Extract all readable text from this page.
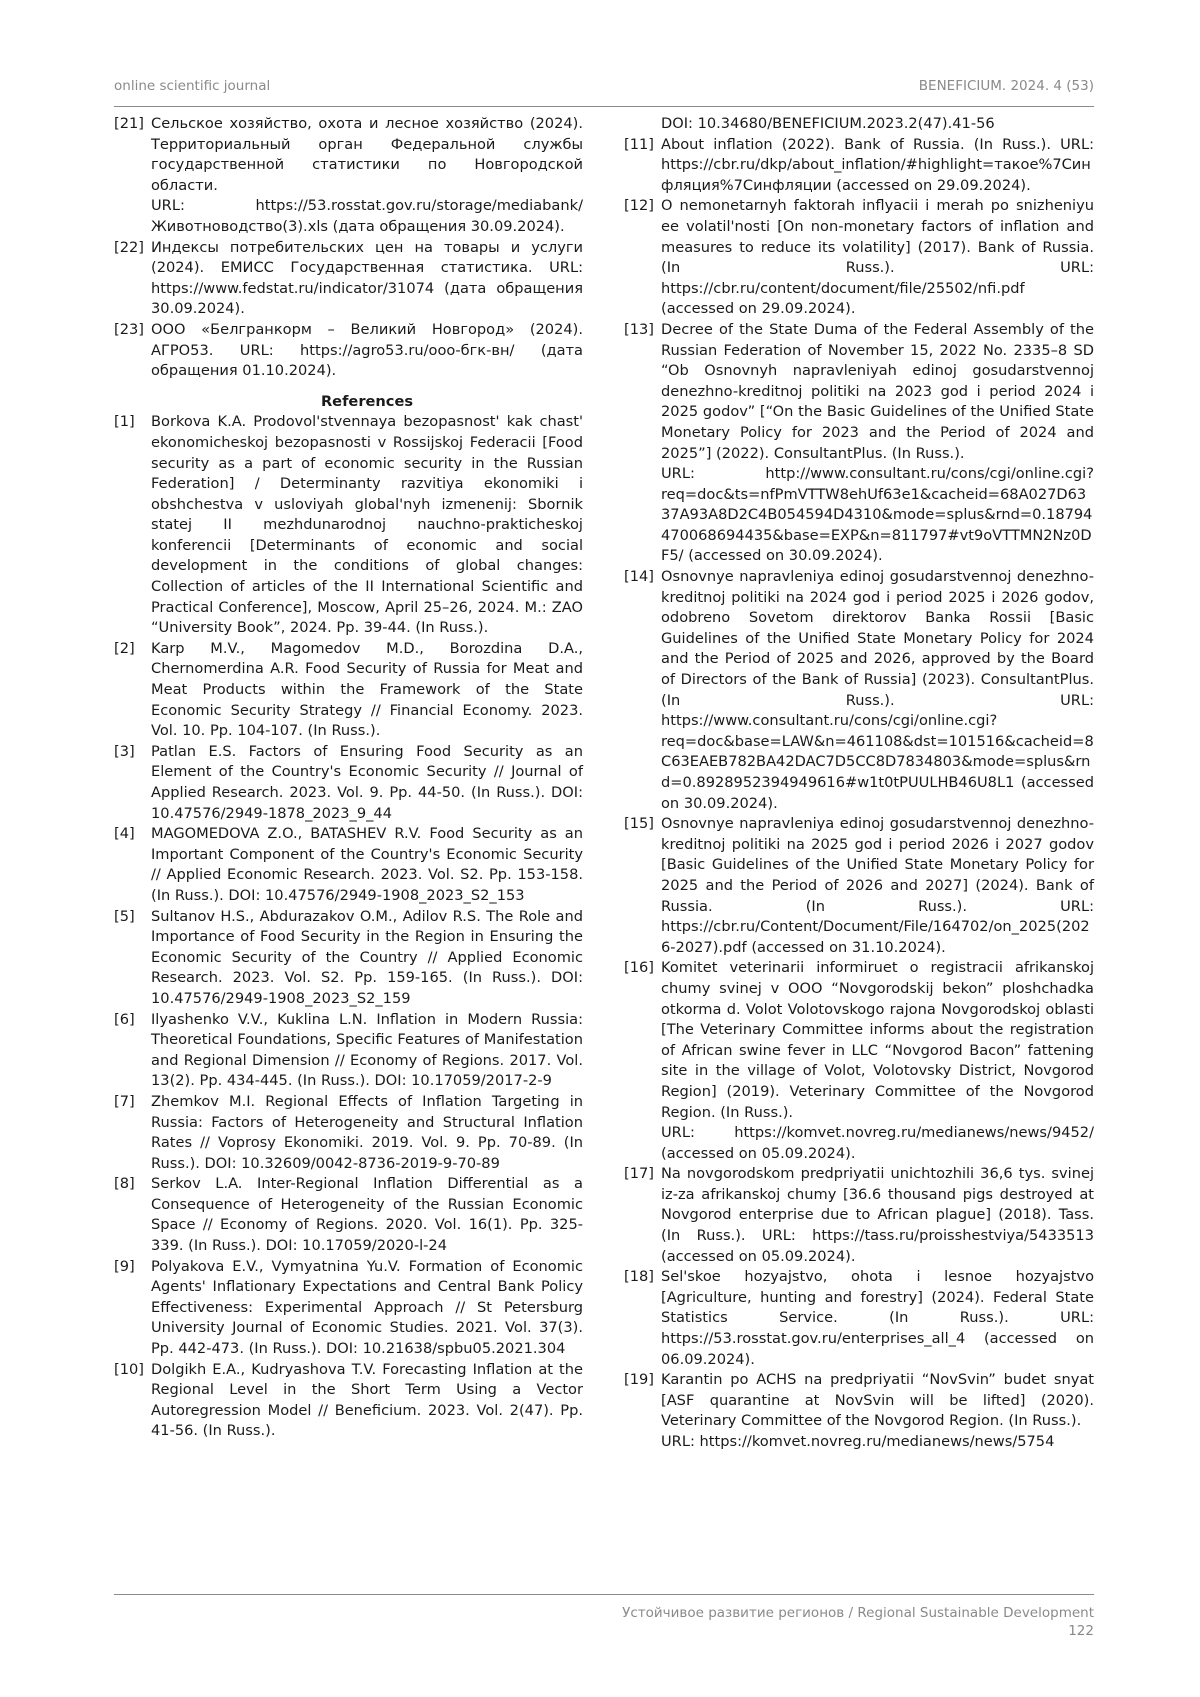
online scientific journal	BENEFICIUM. 2024. 4 (53)
[21] Сельское хозяйство, охота и лесное хозяйство (2024). Территориальный орган Федеральной службы государственной статистики по Новгородской области.
URL: https://53.rosstat.gov.ru/storage/mediabank/Животноводство(3).xls (дата обращения 30.09.2024).
[22] Индексы потребительских цен на товары и услуги (2024). ЕМИСС Государственная статистика. URL: https://www.fedstat.ru/indicator/31074 (дата обращения 30.09.2024).
[23] ООО «Белгранкорм – Великий Новгород» (2024). АГРО53. URL: https://agro53.ru/ооо-бгк-вн/ (дата обращения 01.10.2024).
References
[1]	Borkova K.A. Prodovol'stvennaya bezopasnost' kak chast' ekonomicheskoj bezopasnosti v Rossijskoj Federacii [Food security as a part of economic security in the Russian Federation] / Determinanty razvitiya ekonomiki i obshchestva v usloviyah global'nyh izmenenij: Sbornik statej II mezhdunarodnoj nauchno-prakticheskoj konferencii [Determinants of economic and social development in the conditions of global changes: Collection of articles of the II International Scientific and Practical Conference], Moscow, April 25–26, 2024. M.: ZAO “University Book”, 2024. Pp. 39-44. (In Russ.).
[2]	Karp M.V., Magomedov M.D., Borozdina D.A., Chernomerdina A.R. Food Security of Russia for Meat and Meat Products within the Framework of the State Economic Security Strategy // Financial Economy. 2023. Vol. 10. Pp. 104-107. (In Russ.).
[3]	Patlan E.S. Factors of Ensuring Food Security as an Element of the Country's Economic Security // Journal of Applied Research. 2023. Vol. 9. Pp. 44-50. (In Russ.). DOI: 10.47576/2949-1878_2023_9_44
[4]	MAGOMEDOVA Z.O., BATASHEV R.V. Food Security as an Important Component of the Country's Economic Security // Applied Economic Research. 2023. Vol. S2. Pp. 153-158. (In Russ.). DOI: 10.47576/2949-1908_2023_S2_153
[5]	Sultanov H.S., Abdurazakov O.M., Adilov R.S. The Role and Importance of Food Security in the Region in Ensuring the Economic Security of the Country // Applied Economic Research. 2023. Vol. S2. Pp. 159-165. (In Russ.). DOI: 10.47576/2949-1908_2023_S2_159
[6]	Ilyashenko V.V., Kuklina L.N. Inflation in Modern Russia: Theoretical Foundations, Specific Features of Manifestation and Regional Dimension // Economy of Regions. 2017. Vol. 13(2). Pp. 434-445. (In Russ.). DOI: 10.17059/2017-2-9
[7]	Zhemkov M.I. Regional Effects of Inflation Targeting in Russia: Factors of Heterogeneity and Structural Inflation Rates // Voprosy Ekonomiki. 2019. Vol. 9. Pp. 70-89. (In Russ.). DOI: 10.32609/0042-8736-2019-9-70-89
[8]	Serkov L.A. Inter-Regional Inflation Differential as a Consequence of Heterogeneity of the Russian Economic Space // Economy of Regions. 2020. Vol. 16(1). Pp. 325-339. (In Russ.). DOI: 10.17059/2020-l-24
[9]	Polyakova E.V., Vymyatnina Yu.V. Formation of Economic Agents' Inflationary Expectations and Central Bank Policy Effectiveness: Experimental Approach // St Petersburg University Journal of Economic Studies. 2021. Vol. 37(3). Pp. 442-473. (In Russ.). DOI: 10.21638/spbu05.2021.304
[10] Dolgikh E.A., Kudryashova T.V. Forecasting Inflation at the Regional Level in the Short Term Using a Vector Autoregression Model // Beneficium. 2023. Vol. 2(47). Pp. 41-56. (In Russ.).
DOI: 10.34680/BENEFICIUM.2023.2(47).41-56
[11] About inflation (2022). Bank of Russia. (In Russ.). URL: https://cbr.ru/dkp/about_inflation/#highlight=такое%7Синфляция%7Синфляции (accessed on 29.09.2024).
[12] O nemonetarnyh faktorah inflyacii i merah po snizheniyu ee volatil'nosti [On non-monetary factors of inflation and measures to reduce its volatility] (2017). Bank of Russia. (In Russ.). URL: https://cbr.ru/content/document/file/25502/nfi.pdf (accessed on 29.09.2024).
[13] Decree of the State Duma of the Federal Assembly of the Russian Federation of November 15, 2022 No. 2335–8 SD “Ob Osnovnyh napravleniyah edinoj gosudarstvennoj denezhno-kreditnoj politiki na 2023 god i period 2024 i 2025 godov” [“On the Basic Guidelines of the Unified State Monetary Policy for 2023 and the Period of 2024 and 2025”] (2022). ConsultantPlus. (In Russ.).
URL: http://www.consultant.ru/cons/cgi/online.cgi?req=doc&ts=nfPmVTTW8ehUf63e1&cacheid=68A027D6337A93A8D2C4B054594D4310&mode=splus&rnd=0.18794470068694435&base=EXP&n=811797#vt9oVTTMN2Nz0DF5/ (accessed on 30.09.2024).
[14] Osnovnye napravleniya edinoj gosudarstvennoj denezhno-kreditnoj politiki na 2024 god i period 2025 i 2026 godov, odobreno Sovetom direktorov Banka Rossii [Basic Guidelines of the Unified State Monetary Policy for 2024 and the Period of 2025 and 2026, approved by the Board of Directors of the Bank of Russia] (2023). ConsultantPlus. (In Russ.). URL: https://www.consultant.ru/cons/cgi/online.cgi?req=doc&base=LAW&n=461108&dst=101516&cacheid=8C63EAEB782BA42DAC7D5CC8D7834803&mode=splus&rnd=0.8928952394949616#w1t0tPUULHB46U8L1 (accessed on 30.09.2024).
[15] Osnovnye napravleniya edinoj gosudarstvennoj denezhno-kreditnoj politiki na 2025 god i period 2026 i 2027 godov [Basic Guidelines of the Unified State Monetary Policy for 2025 and the Period of 2026 and 2027] (2024). Bank of Russia. (In Russ.). URL: https://cbr.ru/Content/Document/File/164702/on_2025(2026-2027).pdf (accessed on 31.10.2024).
[16] Komitet veterinarii informiruet o registracii afrikanskoj chumy svinej v OOO “Novgorodskij bekon” ploshchadka otkorma d. Volot Volotovskogo rajona Novgorodskoj oblasti [The Veterinary Committee informs about the registration of African swine fever in LLC “Novgorod Bacon” fattening site in the village of Volot, Volotovsky District, Novgorod Region] (2019). Veterinary Committee of the Novgorod Region. (In Russ.).
URL: https://komvet.novreg.ru/medianews/news/9452/ (accessed on 05.09.2024).
[17] Na novgorodskom predpriyatii unichtozhili 36,6 tys. svinej iz-za afrikanskoj chumy [36.6 thousand pigs destroyed at Novgorod enterprise due to African plague] (2018). Tass. (In Russ.). URL: https://tass.ru/proisshestviya/5433513 (accessed on 05.09.2024).
[18] Sel'skoe hozyajstvo, ohota i lesnoe hozyajstvo [Agriculture, hunting and forestry] (2024). Federal State Statistics Service. (In Russ.). URL: https://53.rosstat.gov.ru/enterprises_all_4 (accessed on 06.09.2024).
[19] Karantin po ACHS na predpriyatii “NovSvin” budet snyat [ASF quarantine at NovSvin will be lifted] (2020). Veterinary Committee of the Novgorod Region. (In Russ.).
URL: https://komvet.novreg.ru/medianews/news/5754
Устойчивое развитие регионов / Regional Sustainable Development
122
